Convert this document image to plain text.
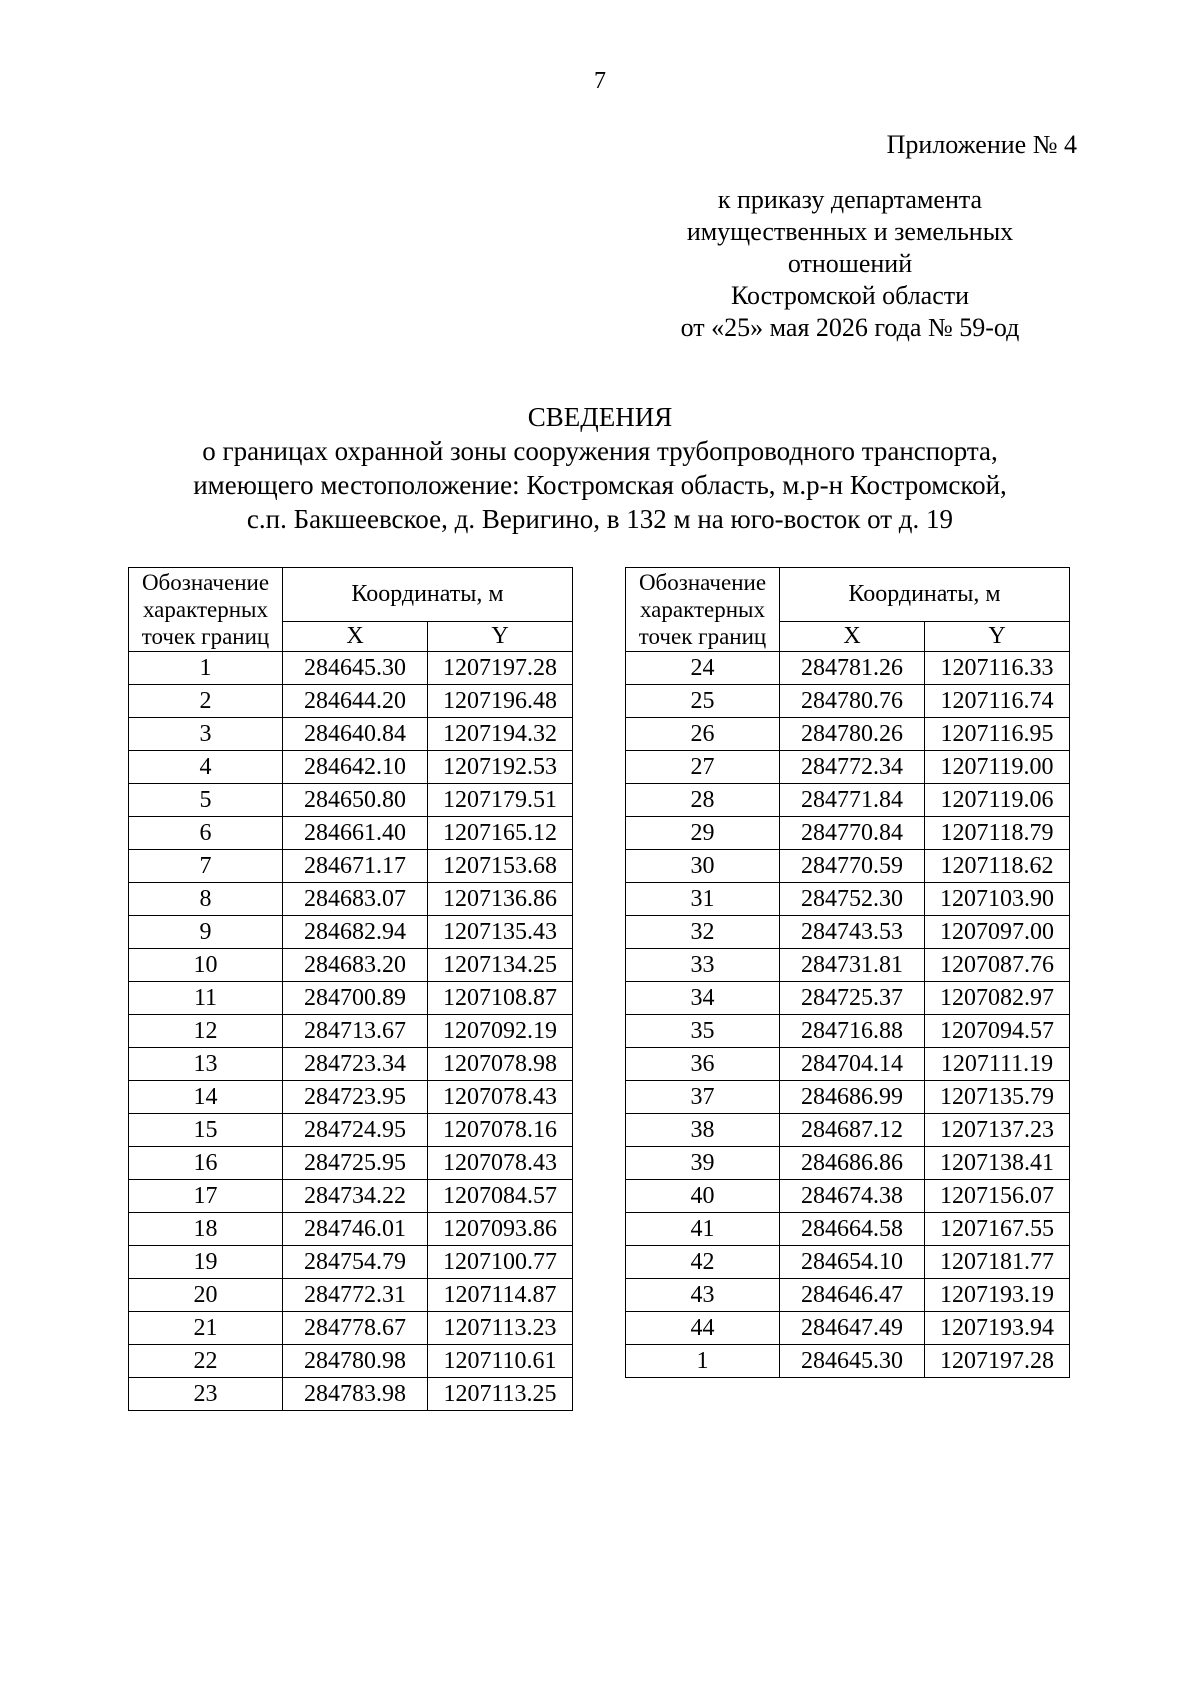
7
Приложение № 4
к приказу департамента
имущественных и земельных
отношений
Костромской области
от «25» мая 2026 года № 59-од
СВЕДЕНИЯ
о границах охранной зоны сооружения трубопроводного транспорта,
имеющего местоположение: Костромская область, м.р-н Костромской,
с.п. Бакшеевское, д. Веригино, в 132 м на юго-восток от д. 19
Обозначение
характерных
точек границ	Координаты, м	
	X	Y
1	284645.30	1207197.28
2	284644.20	1207196.48
3	284640.84	1207194.32
4	284642.10	1207192.53
5	284650.80	1207179.51
6	284661.40	1207165.12
7	284671.17	1207153.68
8	284683.07	1207136.86
9	284682.94	1207135.43
10	284683.20	1207134.25
11	284700.89	1207108.87
12	284713.67	1207092.19
13	284723.34	1207078.98
14	284723.95	1207078.43
15	284724.95	1207078.16
16	284725.95	1207078.43
17	284734.22	1207084.57
18	284746.01	1207093.86
19	284754.79	1207100.77
20	284772.31	1207114.87
21	284778.67	1207113.23
22	284780.98	1207110.61
23	284783.98	1207113.25
Обозначение
характерных
точек границ	Координаты, м	
	X	Y
24	284781.26	1207116.33
25	284780.76	1207116.74
26	284780.26	1207116.95
27	284772.34	1207119.00
28	284771.84	1207119.06
29	284770.84	1207118.79
30	284770.59	1207118.62
31	284752.30	1207103.90
32	284743.53	1207097.00
33	284731.81	1207087.76
34	284725.37	1207082.97
35	284716.88	1207094.57
36	284704.14	1207111.19
37	284686.99	1207135.79
38	284687.12	1207137.23
39	284686.86	1207138.41
40	284674.38	1207156.07
41	284664.58	1207167.55
42	284654.10	1207181.77
43	284646.47	1207193.19
44	284647.49	1207193.94
1	284645.30	1207197.28
